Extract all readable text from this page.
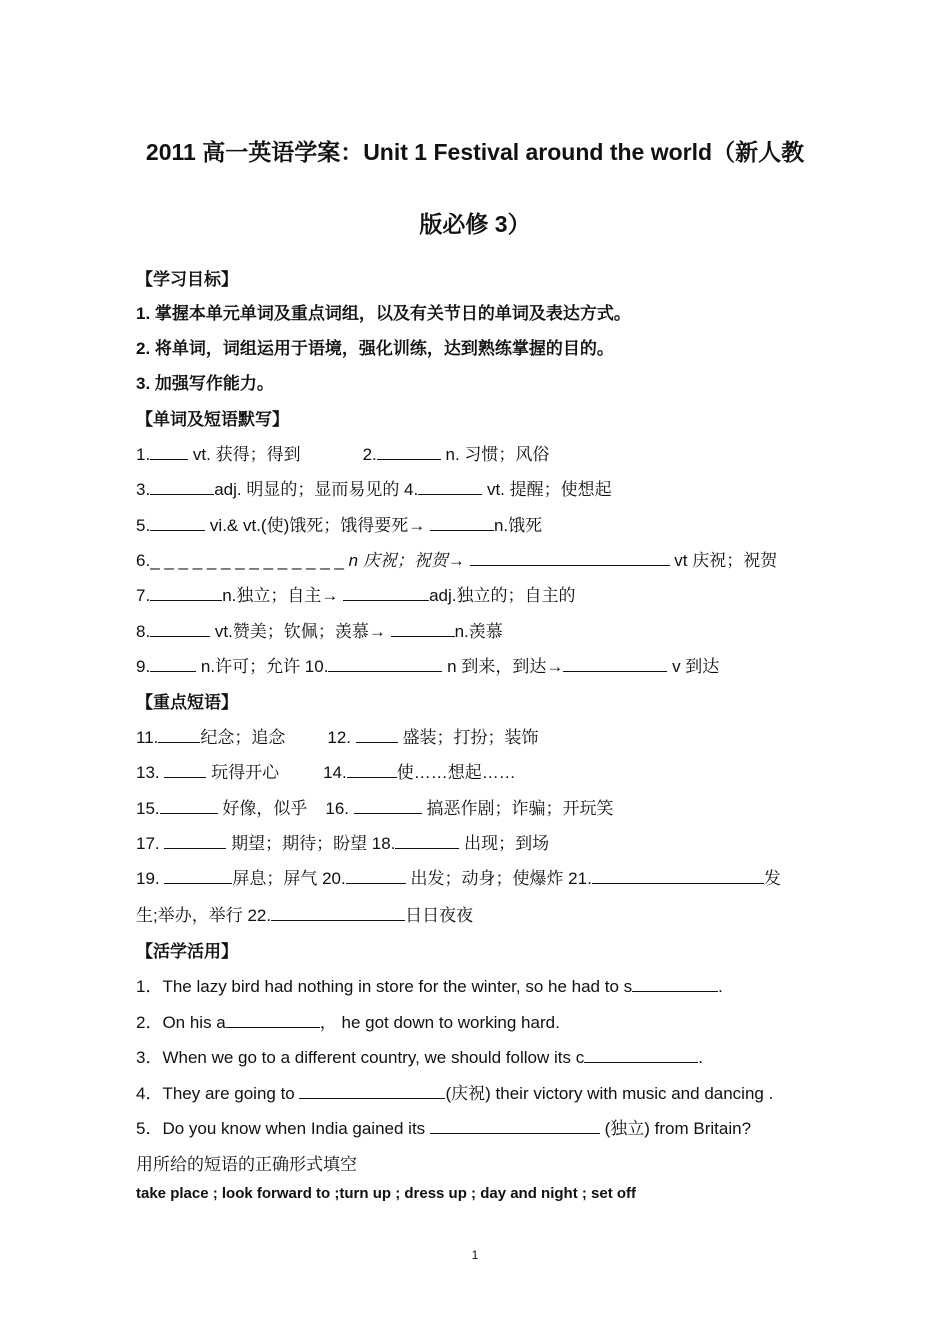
2011 高一英语学案：Unit 1 Festival around the world（新人教
版必修 3）
【学习目标】
1. 掌握本单元单词及重点词组，以及有关节日的单词及表达方式。
2. 将单词，词组运用于语境，强化训练，达到熟练掌握的目的。
3. 加强写作能力。
【单词及短语默写】
1. vt. 获得；得到	2.	n. 习惯；风俗
3.	adj. 明显的；显而易见的 4.	vt. 提醒；使想起
5.	vi.& vt.(使)饿死；饿得要死→	n.饿死
6._ _ _ _ _ _ _ _ _ _ _ _ _ _ n 庆祝；祝贺→	vt 庆祝；祝贺
7.	n.独立；自主→	adj.独立的；自主的
8.	vt.赞美；钦佩；羡慕→	n.羡慕
9.	n.许可；允许 10.	n 到来，到达→	v 到达
【重点短语】
11. 纪念；追念 12.  盛装；打扮；装饰
13.  玩得开心	14.	使……想起……
15.	好像，似乎 16.	搞恶作剧；诈骗；开玩笑
17.	期望；期待；盼望 18.	出现；到场
19.	屏息；屏气 20.	出发；动身；使爆炸 21.	发
生;举办，举行 22.	日日夜夜
【活学活用】
1．The lazy bird had nothing in store for the winter, so he had to s	.
2．On his a	， he got down to working hard.
3．When we go to a different country, we should follow its c	.
4．They are going to	(庆祝) their victory with music and dancing .
5．Do you know when India gained its	(独立) from Britain?
用所给的短语的正确形式填空
take place ; look forward to ;turn up ; dress up ; day and night ; set off
1
